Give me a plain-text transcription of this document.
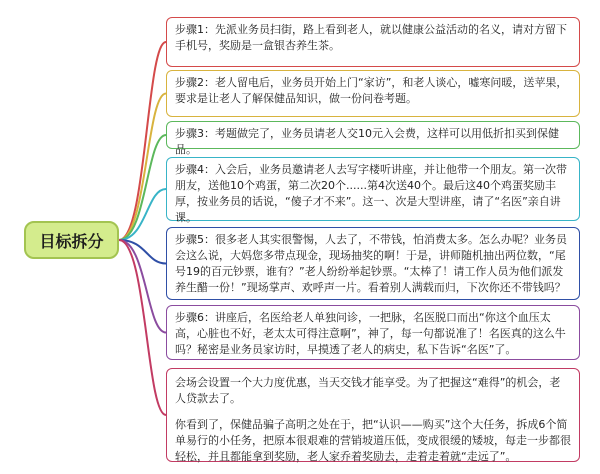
目标拆分
步骤1：先派业务员扫街，路上看到老人，就以健康公益活动的名义，请对方留下手机号，奖励是一盒银杏养生茶。
步骤2：老人留电后，业务员开始上门“家访”，和老人谈心，嘘寒问暖，送苹果，要求是让老人了解保健品知识，做一份问卷考题。
步骤3：考题做完了，业务员请老人交10元入会费，这样可以用低折扣买到保健品。
步骤4：入会后，业务员邀请老人去写字楼听讲座，并让他带一个朋友。第一次带朋友，送他10个鸡蛋，第二次20个......第4次送40个。最后这40个鸡蛋奖励丰厚，按业务员的话说，“傻子才不来”。这一、次是大型讲座，请了“名医”亲自讲课。
步骤5：很多老人其实很警惕，人去了，不带钱，怕消费太多。怎么办呢？业务员会这么说，大妈您多带点现金，现场抽奖的啊！于是，讲师随机抽出两位数，“尾号19的百元钞票，谁有？”老人纷纷举起钞票。“太棒了！请工作人员为他们派发养生醋一份！”现场掌声、欢呼声一片。看着别人满载而归，下次你还不带钱吗？
步骤6：讲座后，名医给老人单独问诊，一把脉，名医脱口而出“你这个血压太高，心脏也不好，老太太可得注意啊”，神了，每一句都说准了！名医真的这么牛吗？秘密是业务员家访时，早摸透了老人的病史，私下告诉“名医”了。

会场会设置一个大力度优惠，当天交钱才能享受。为了把握这“难得”的机会，老人贷款去了。

你看到了，保健品骗子高明之处在于，把“认识——购买”这个大任务，拆成6个简单易行的小任务，把原本很艰难的营销坡道压低，变成很缓的矮坡，每走一步都很轻松，并且都能拿到奖励，老人家乔着奖励去，走着走着就“走远了”。
